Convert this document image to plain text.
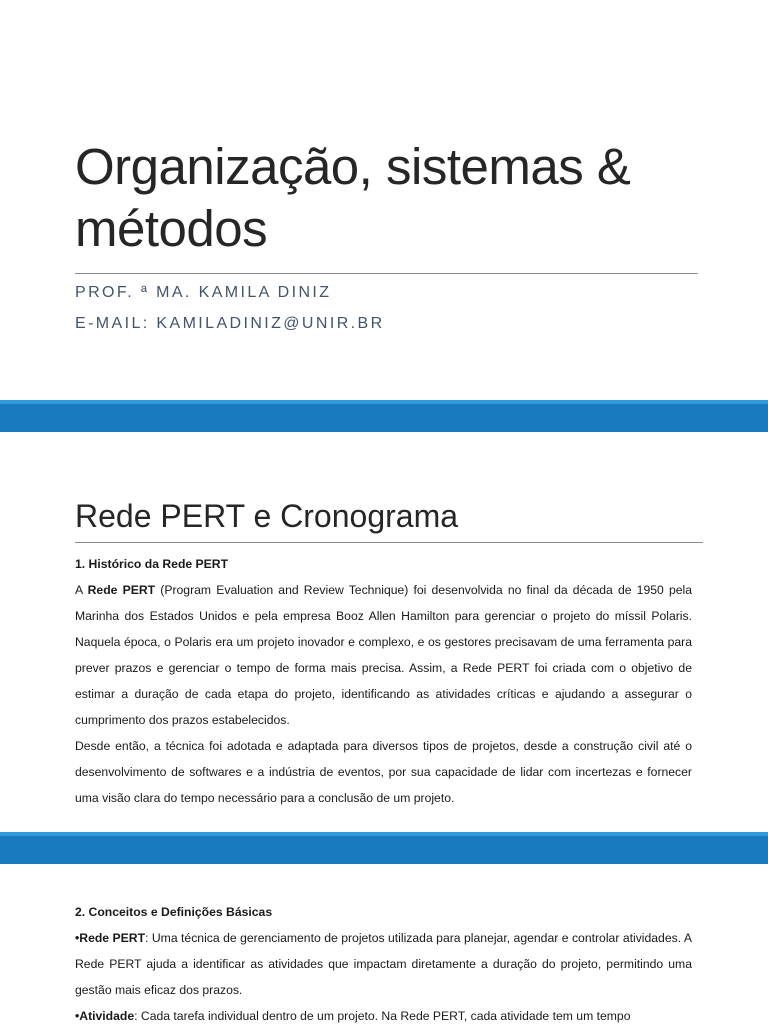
Organização, sistemas &
métodos

PROF. ª MA. KAMILA DINIZ

E-MAIL: KAMILADINIZ@UNIR.BR

Rede PERT e Cronograma

1. Histórico da Rede PERT

A Rede PERT (Program Evaluation and Review Technique) foi desenvolvida no final da década de 1950 pela Marinha dos Estados Unidos e pela empresa Booz Allen Hamilton para gerenciar o projeto do míssil Polaris. Naquela época, o Polaris era um projeto inovador e complexo, e os gestores precisavam de uma ferramenta para prever prazos e gerenciar o tempo de forma mais precisa. Assim, a Rede PERT foi criada com o objetivo de estimar a duração de cada etapa do projeto, identificando as atividades críticas e ajudando a assegurar o cumprimento dos prazos estabelecidos.

Desde então, a técnica foi adotada e adaptada para diversos tipos de projetos, desde a construção civil até o desenvolvimento de softwares e a indústria de eventos, por sua capacidade de lidar com incertezas e fornecer uma visão clara do tempo necessário para a conclusão de um projeto.

2. Conceitos e Definições Básicas

•Rede PERT: Uma técnica de gerenciamento de projetos utilizada para planejar, agendar e controlar atividades. A Rede PERT ajuda a identificar as atividades que impactam diretamente a duração do projeto, permitindo uma gestão mais eficaz dos prazos.

•Atividade: Cada tarefa individual dentro de um projeto. Na Rede PERT, cada atividade tem um tempo
